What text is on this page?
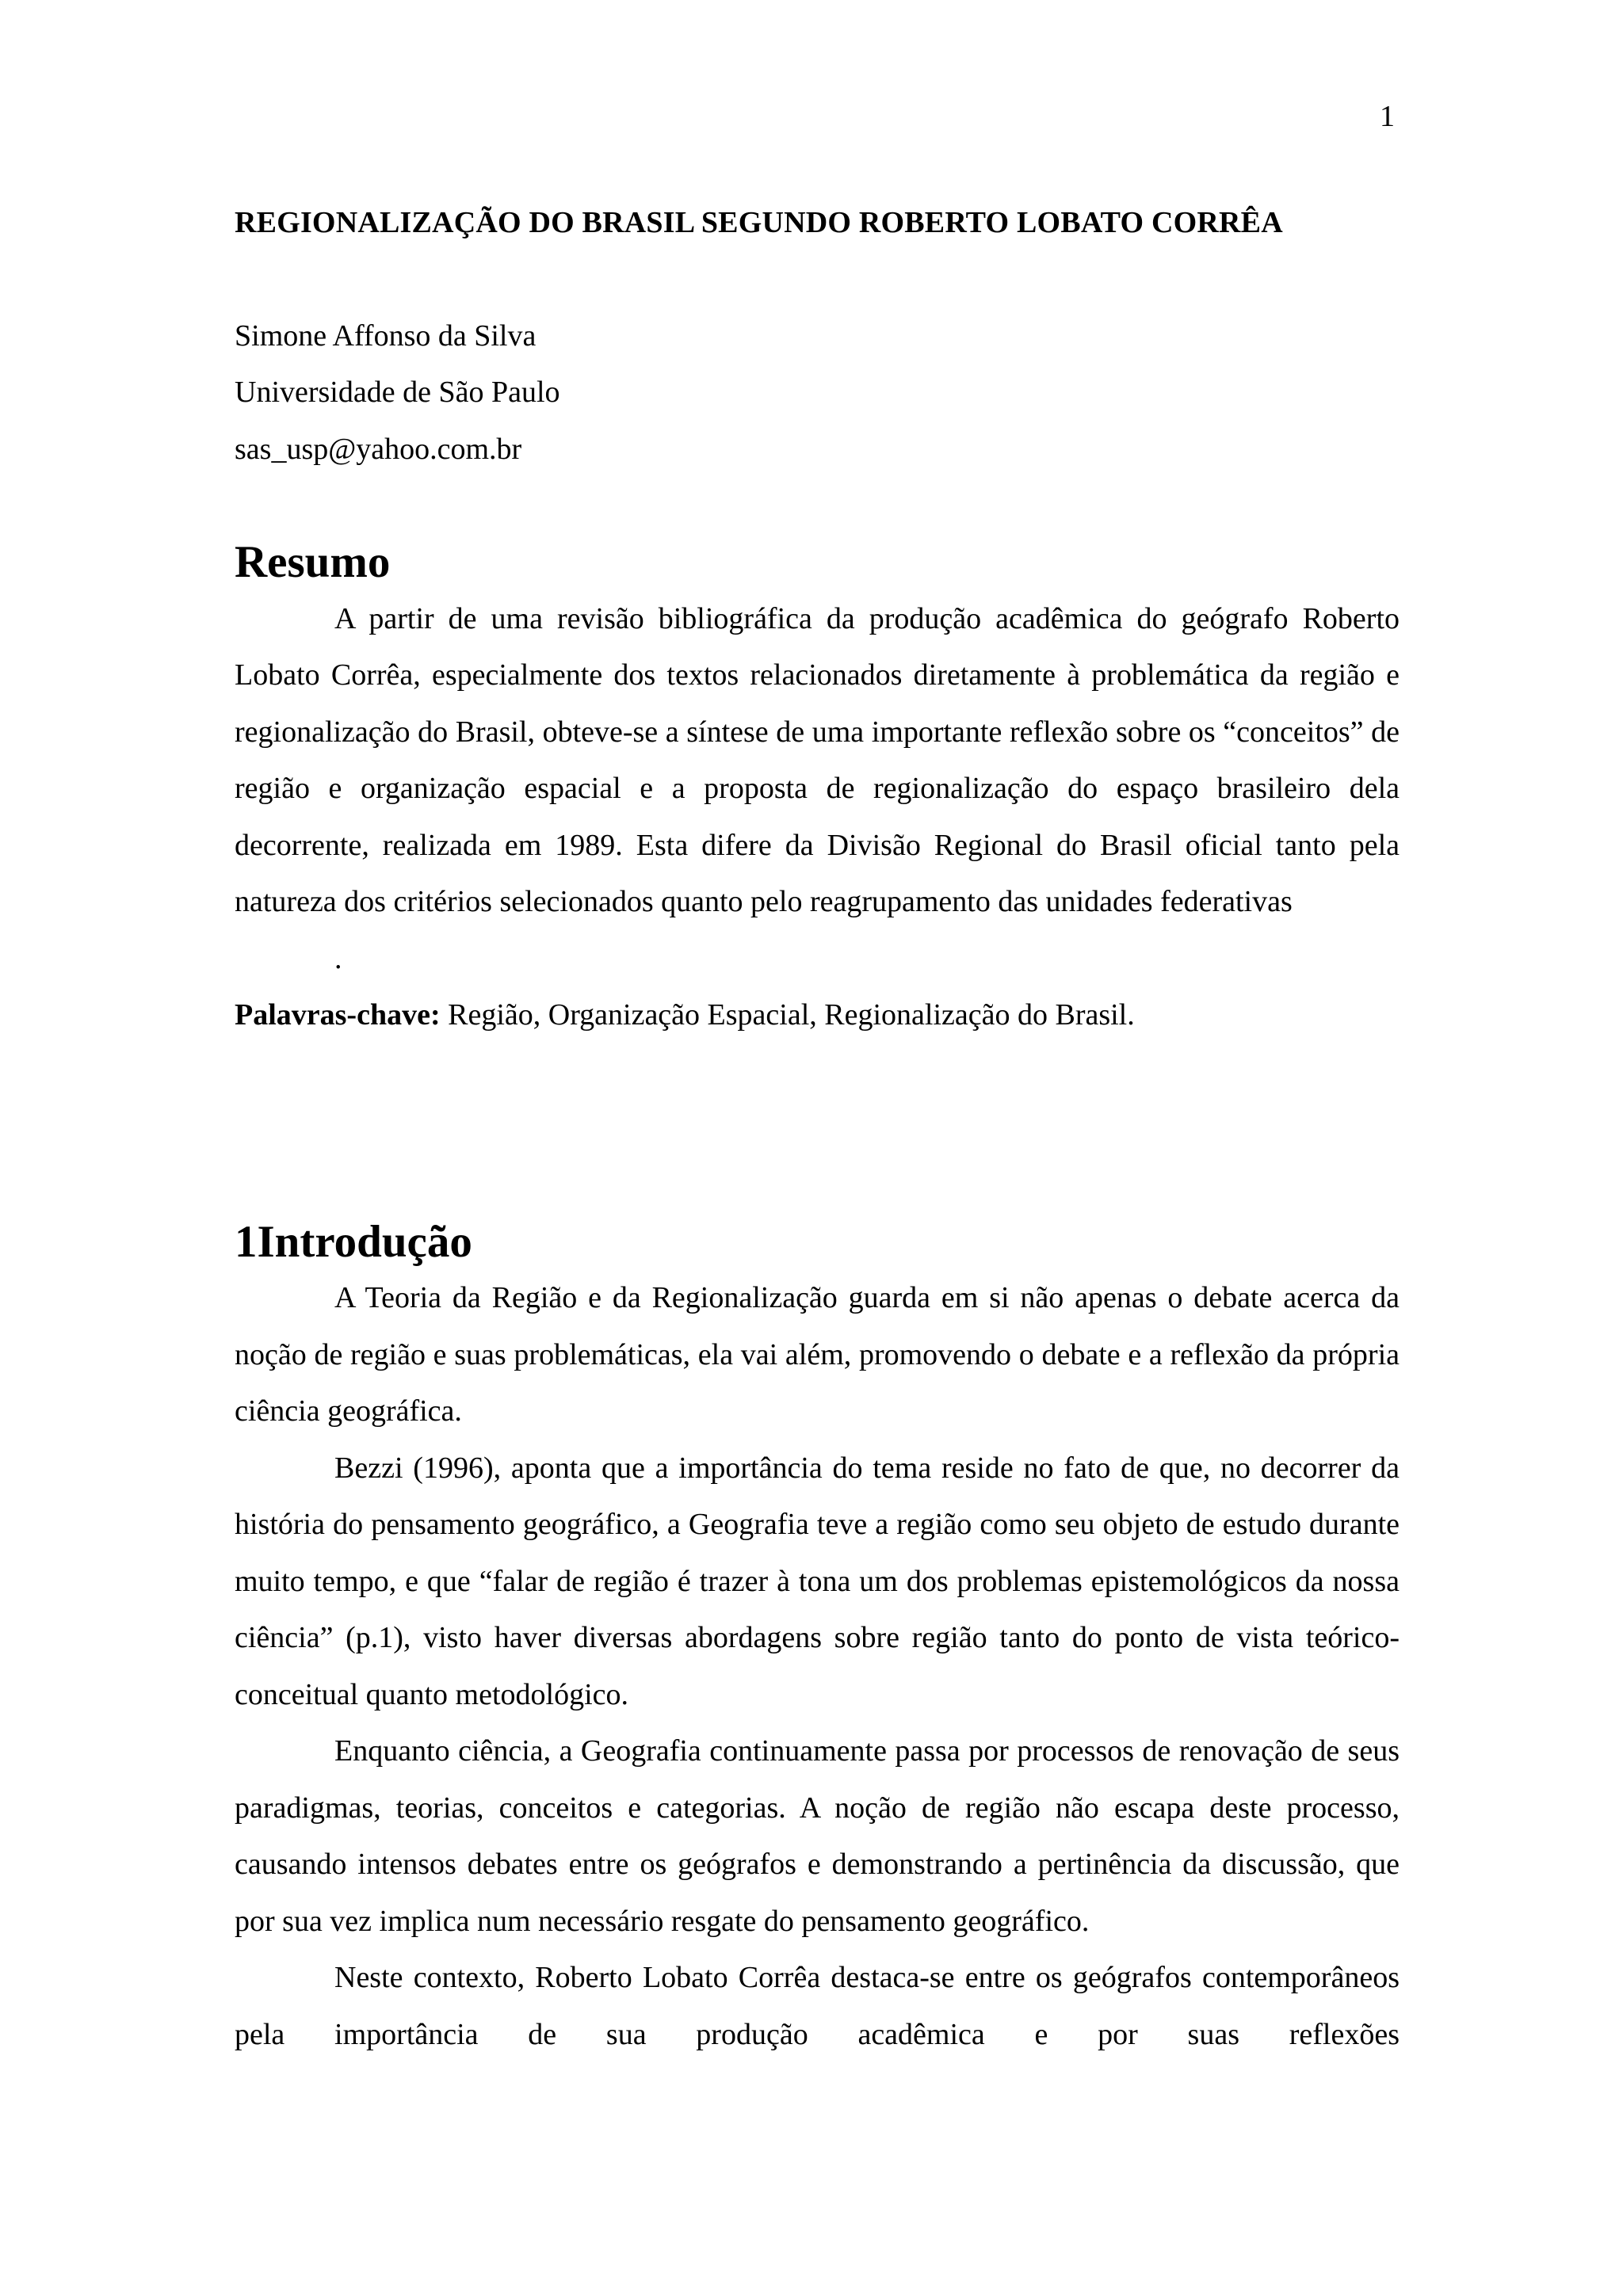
1
REGIONALIZAÇÃO DO BRASIL SEGUNDO ROBERTO LOBATO CORRÊA
Simone Affonso da Silva
Universidade de São Paulo
sas_usp@yahoo.com.br
Resumo

A partir de uma revisão bibliográfica da produção acadêmica do geógrafo Roberto Lobato Corrêa, especialmente dos textos relacionados diretamente à problemática da região e regionalização do Brasil, obteve-se a síntese de uma importante reflexão sobre os “conceitos” de região e organização espacial e a proposta de regionalização do espaço brasileiro dela decorrente, realizada em 1989. Esta difere da Divisão Regional do Brasil oficial tanto pela natureza dos critérios selecionados quanto pelo reagrupamento das unidades federativas

.
Palavras-chave: Região, Organização Espacial, Regionalização do Brasil.
1Introdução

A Teoria da Região e da Regionalização guarda em si não apenas o debate acerca da noção de região e suas problemáticas, ela vai além, promovendo o debate e a reflexão da própria ciência geográfica.

Bezzi (1996), aponta que a importância do tema reside no fato de que, no decorrer da história do pensamento geográfico, a Geografia teve a região como seu objeto de estudo durante muito tempo, e que “falar de região é trazer à tona um dos problemas epistemológicos da nossa ciência” (p.1), visto haver diversas abordagens sobre região tanto do ponto de vista teórico-conceitual quanto metodológico.

Enquanto ciência, a Geografia continuamente passa por processos de renovação de seus paradigmas, teorias, conceitos e categorias. A noção de região não escapa deste processo, causando intensos debates entre os geógrafos e demonstrando a pertinência da discussão, que por sua vez implica num necessário resgate do pensamento geográfico.

Neste contexto, Roberto Lobato Corrêa destaca-se entre os geógrafos contemporâneos pela importância de sua produção acadêmica e por suas reflexões
